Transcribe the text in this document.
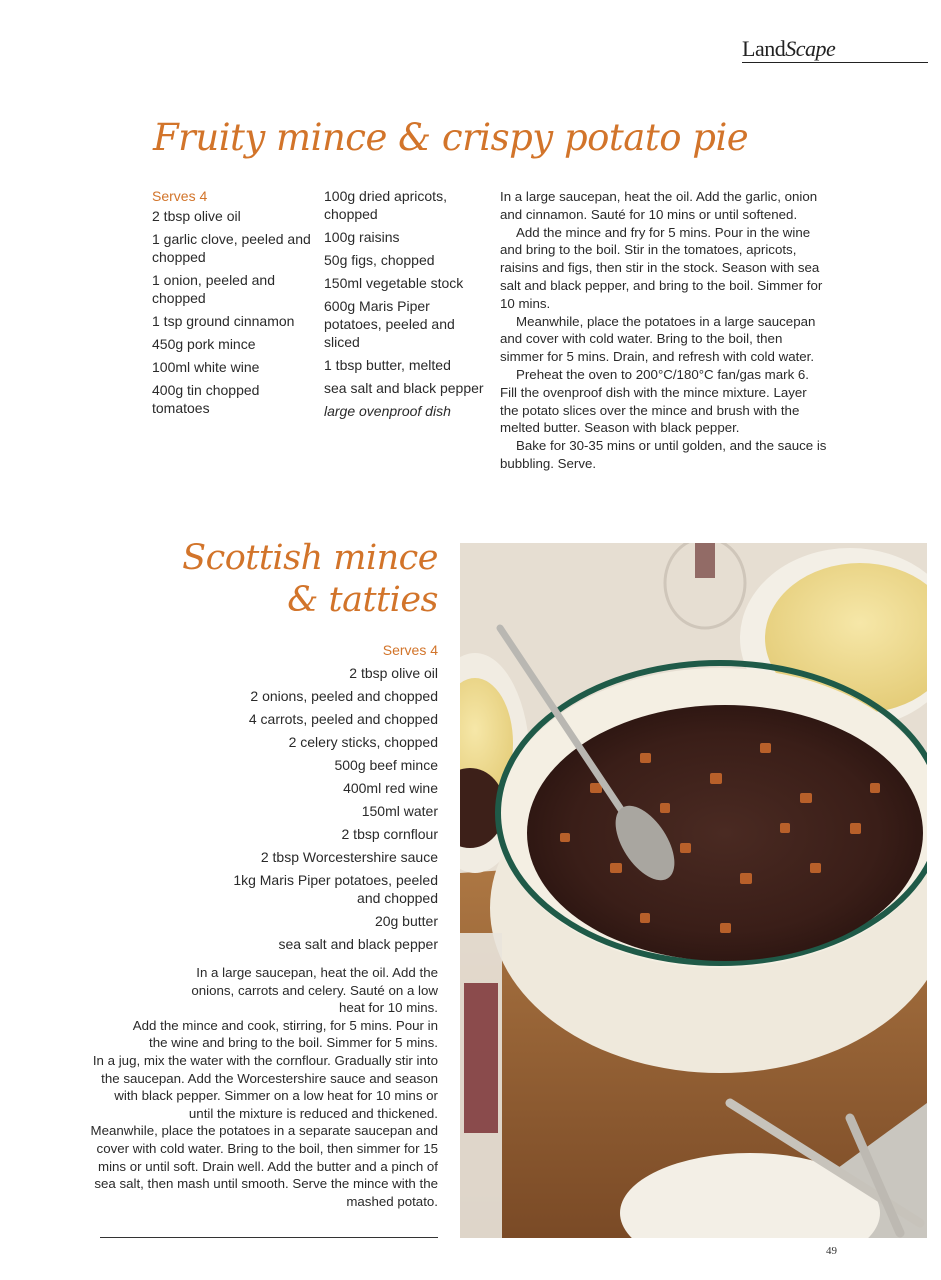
LandScape
Fruity mince & crispy potato pie

Serves 4

2 tbsp olive oil

1 garlic clove, peeled and chopped

1 onion, peeled and chopped

1 tsp ground cinnamon

450g pork mince

100ml white wine

400g tin chopped tomatoes

100g dried apricots, chopped

100g raisins

50g figs, chopped

150ml vegetable stock

600g Maris Piper potatoes, peeled and sliced

1 tbsp butter, melted

sea salt and black pepper

large ovenproof dish

In a large saucepan, heat the oil. Add the garlic, onion and cinnamon. Sauté for 10 mins or until softened.

Add the mince and fry for 5 mins. Pour in the wine and bring to the boil. Stir in the tomatoes, apricots, raisins and figs, then stir in the stock. Season with sea salt and black pepper, and bring to the boil. Simmer for 10 mins.

Meanwhile, place the potatoes in a large saucepan and cover with cold water. Bring to the boil, then simmer for 5 mins. Drain, and refresh with cold water.

Preheat the oven to 200°C/180°C fan/gas mark 6. Fill the ovenproof dish with the mince mixture. Layer the potato slices over the mince and brush with the melted butter. Season with black pepper.

Bake for 30-35 mins or until golden, and the sauce is bubbling. Serve.

Scottish mince
& tatties

Serves 4

2 tbsp olive oil

2 onions, peeled and chopped

4 carrots, peeled and chopped

2 celery sticks, chopped

500g beef mince

400ml red wine

150ml water

2 tbsp cornflour

2 tbsp Worcestershire sauce

1kg Maris Piper potatoes, peeled and chopped

20g butter

sea salt and black pepper

In a large saucepan, heat the oil. Add the onions, carrots and celery. Sauté on a low heat for 10 mins.

Add the mince and cook, stirring, for 5 mins. Pour in the wine and bring to the boil. Simmer for 5 mins.

In a jug, mix the water with the cornflour. Gradually stir into the saucepan. Add the Worcestershire sauce and season with black pepper. Simmer on a low heat for 10 mins or until the mixture is reduced and thickened.

Meanwhile, place the potatoes in a separate saucepan and cover with cold water. Bring to the boil, then simmer for 15 mins or until soft. Drain well. Add the butter and a pinch of sea salt, then mash until smooth. Serve the mince with the mashed potato.

49
